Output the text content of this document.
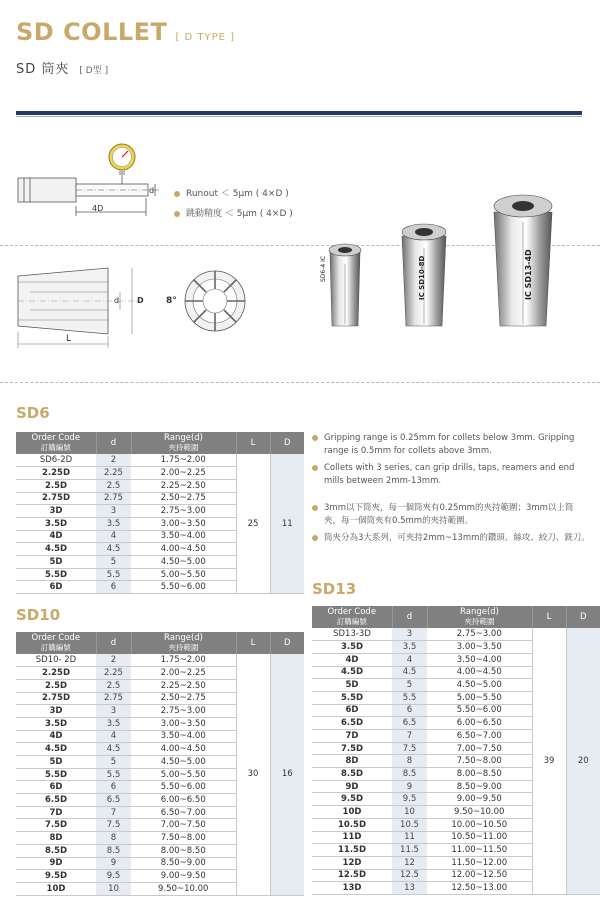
SD COLLET [ D TYPE ]
SD 筒夾 [ D型 ]
4D
d	Runout ＜ 5μm ( 4×D )
跳動精度 ＜ 5μm ( 4×D )
d D 8°
L
SD6-4 IC	IC SD10-8D	IC SD13-4D
SD6
SD10
SD13
Order Code
訂購編號	d	Range(d)
夾持範圍	L	D

SD6-2D	2	1.75~2.00	25	11
2.25D	2.25	2.00~2.25		
2.5D	2.5	2.25~2.50		
2.75D	2.75	2.50~2.75		
3D	3	2.75~3.00		
3.5D	3.5	3.00~3.50		
4D	4	3.50~4.00		
4.5D	4.5	4.00~4.50		
5D	5	4.50~5.00		
5.5D	5.5	5.00~5.50		
6D	6	5.50~6.00		
Order Code
訂購編號	d	Range(d)
夾持範圍	L	D

SD10- 2D	2	1.75~2.00	30	16
2.25D	2.25	2.00~2.25		
2.5D	2.5	2.25~2.50		
2.75D	2.75	2.50~2.75		
3D	3	2.75~3.00		
3.5D	3.5	3.00~3.50		
4D	4	3.50~4.00		
4.5D	4.5	4.00~4.50		
5D	5	4.50~5.00		
5.5D	5.5	5.00~5.50		
6D	6	5.50~6.00		
6.5D	6.5	6.00~6.50		
7D	7	6.50~7.00		
7.5D	7.5	7.00~7.50		
8D	8	7.50~8.00		
8.5D	8.5	8.00~8.50		
9D	9	8.50~9.00		
9.5D	9.5	9.00~9.50		
10D	10	9.50~10.00		
Order Code
訂購編號	d	Range(d)
夾持範圍	L	D

SD13-3D	3	2.75~3.00	39	20
3.5D	3.5	3.00~3.50		
4D	4	3.50~4.00		
4.5D	4.5	4.00~4.50		
5D	5	4.50~5.00		
5.5D	5.5	5.00~5.50		
6D	6	5.50~6.00		
6.5D	6.5	6.00~6.50		
7D	7	6.50~7.00		
7.5D	7.5	7.00~7.50		
8D	8	7.50~8.00		
8.5D	8.5	8.00~8.50		
9D	9	8.50~9.00		
9.5D	9.5	9.00~9.50		
10D	10	9.50~10.00		
10.5D	10.5	10.00~10.50		
11D	11	10.50~11.00		
11.5D	11.5	11.00~11.50		
12D	12	11.50~12.00		
12.5D	12.5	12.00~12.50		
13D	13	12.50~13.00		
Gripping range is 0.25mm for collets below 3mm. Gripping range is 0.5mm for collets above 3mm.
Collets with 3 series, can grip drills, taps, reamers and end mills between 2mm-13mm.
3mm以下筒夾，每一個筒夾有0.25mm的夾持範圍；3mm以上筒夾，每一個筒夾有0.5mm的夾持範圍。
筒夾分為3大系列，可夾持2mm~13mm的鑽頭、絲攻、絞刀、銑刀。
